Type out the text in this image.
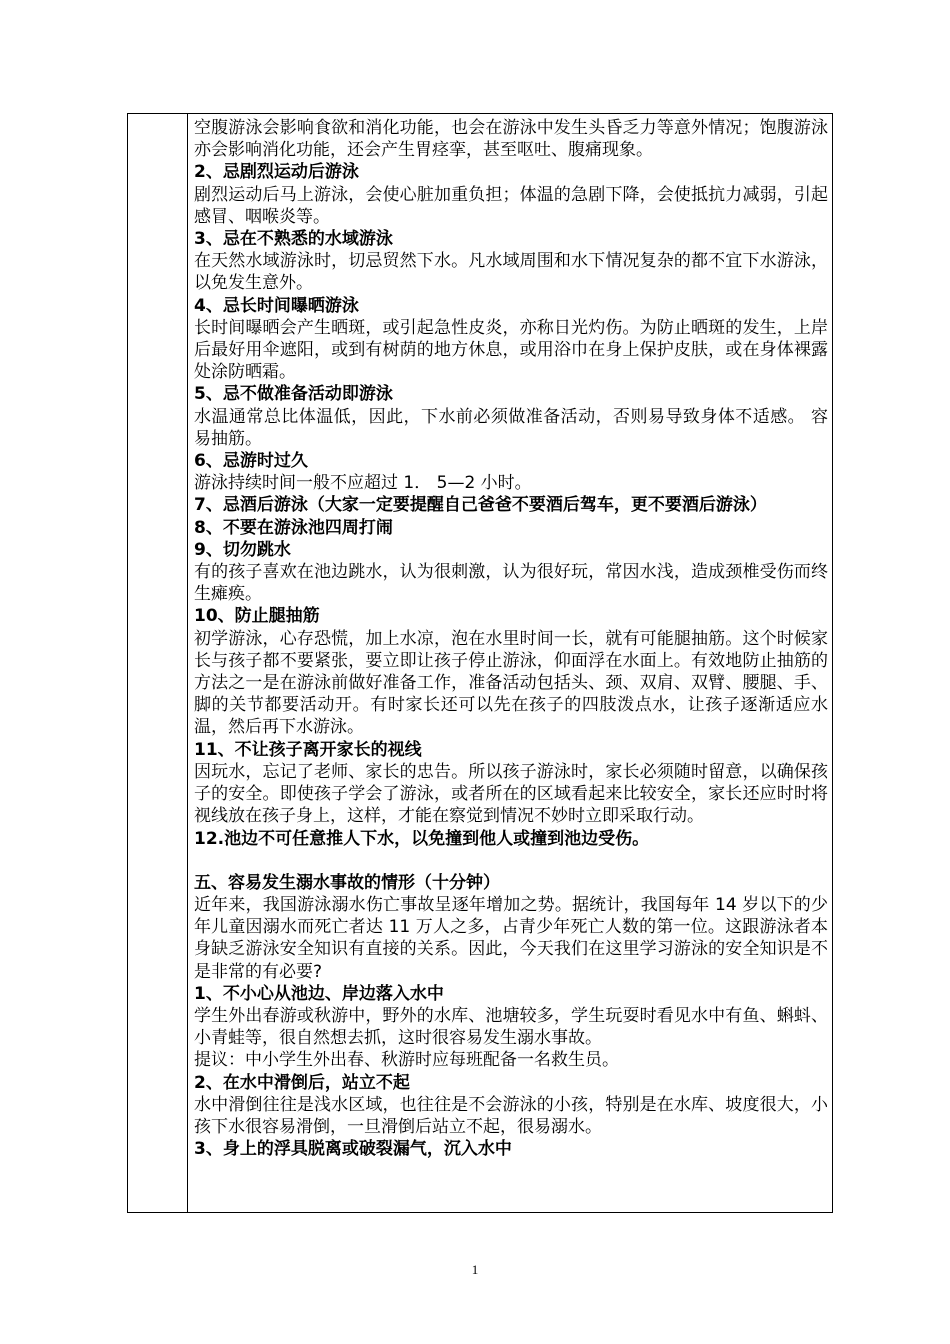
空腹游泳会影响食欲和消化功能，也会在游泳中发生头昏乏力等意外情况；饱腹游泳亦会影响消化功能，还会产生胃痉挛，甚至呕吐、腹痛现象。

2、忌剧烈运动后游泳

剧烈运动后马上游泳，会使心脏加重负担；体温的急剧下降，会使抵抗力减弱，引起感冒、咽喉炎等。

3、忌在不熟悉的水域游泳

在天然水域游泳时，切忌贸然下水。凡水域周围和水下情况复杂的都不宜下水游泳，以免发生意外。

4、忌长时间曝晒游泳

长时间曝晒会产生晒斑，或引起急性皮炎，亦称日光灼伤。为防止晒斑的发生，上岸后最好用伞遮阳，或到有树荫的地方休息，或用浴巾在身上保护皮肤，或在身体裸露处涂防晒霜。

5、忌不做准备活动即游泳

水温通常总比体温低，因此，下水前必须做准备活动，否则易导致身体不适感。 容易抽筋。

6、忌游时过久

游泳持续时间一般不应超过 1． 5—2 小时。

7、忌酒后游泳（大家一定要提醒自己爸爸不要酒后驾车，更不要酒后游泳）

8、不要在游泳池四周打闹

9、切勿跳水

有的孩子喜欢在池边跳水，认为很刺激，认为很好玩，常因水浅，造成颈椎受伤而终生瘫痪。

10、防止腿抽筋

初学游泳，心存恐慌，加上水凉，泡在水里时间一长，就有可能腿抽筋。这个时候家长与孩子都不要紧张，要立即让孩子停止游泳，仰面浮在水面上。有效地防止抽筋的方法之一是在游泳前做好准备工作，准备活动包括头、颈、双肩、双臂、腰腿、手、脚的关节都要活动开。有时家长还可以先在孩子的四肢泼点水，让孩子逐渐适应水温，然后再下水游泳。

11、不让孩子离开家长的视线

因玩水，忘记了老师、家长的忠告。所以孩子游泳时，家长必须随时留意，以确保孩子的安全。即使孩子学会了游泳，或者所在的区域看起来比较安全，家长还应时时将视线放在孩子身上，这样，才能在察觉到情况不妙时立即采取行动。

12.池边不可任意推人下水，以免撞到他人或撞到池边受伤。

五、容易发生溺水事故的情形（十分钟）

近年来，我国游泳溺水伤亡事故呈逐年增加之势。据统计，我国每年 14 岁以下的少年儿童因溺水而死亡者达 11 万人之多，占青少年死亡人数的第一位。这跟游泳者本身缺乏游泳安全知识有直接的关系。因此，今天我们在这里学习游泳的安全知识是不是非常的有必要?

1、不小心从池边、岸边落入水中

学生外出春游或秋游中，野外的水库、池塘较多，学生玩耍时看见水中有鱼、蝌蚪、小青蛙等，很自然想去抓，这时很容易发生溺水事故。

提议：中小学生外出春、秋游时应每班配备一名救生员。

2、在水中滑倒后，站立不起

水中滑倒往往是浅水区域，也往往是不会游泳的小孩，特别是在水库、坡度很大，小孩下水很容易滑倒，一旦滑倒后站立不起，很易溺水。

3、身上的浮具脱离或破裂漏气，沉入水中

1
